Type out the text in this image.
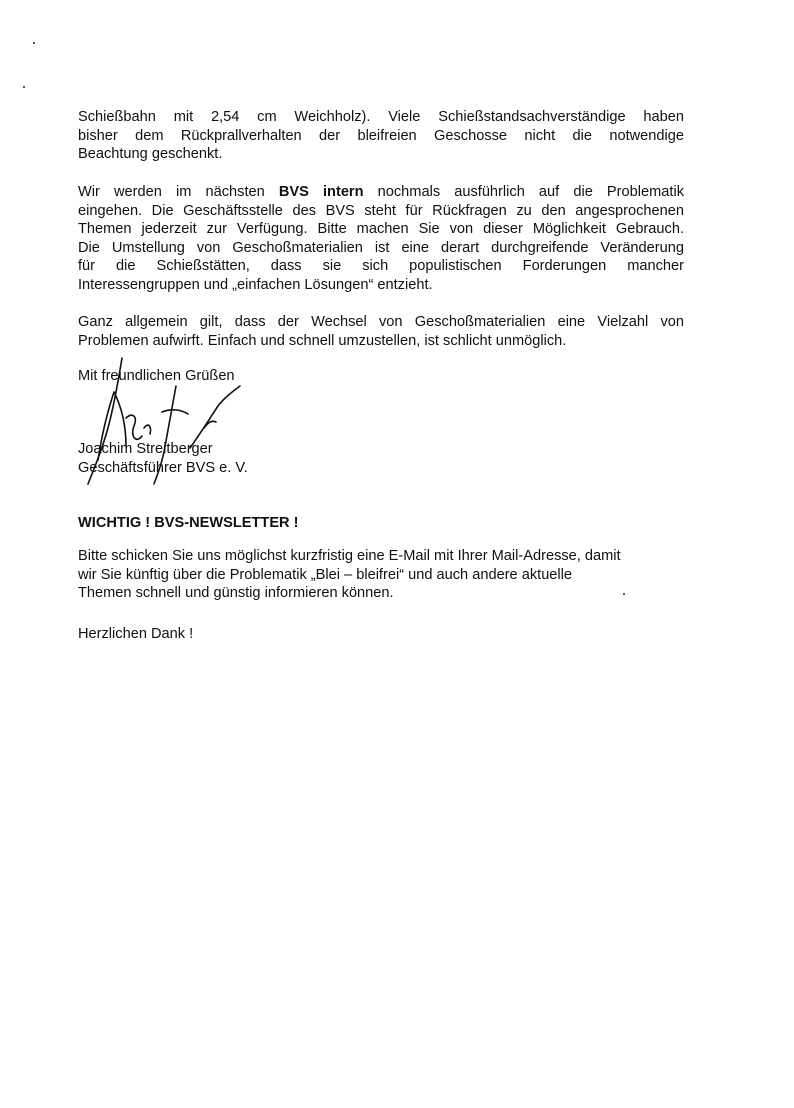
Schießbahn mit 2,54 cm Weichholz). Viele Schießstandsachverständige haben

bisher dem Rückprallverhalten der bleifreien Geschosse nicht die notwendige

Beachtung geschenkt.

Wir werden im nächsten BVS intern nochmals ausführlich auf die Problematik

eingehen. Die Geschäftsstelle des BVS steht für Rückfragen zu den angesprochenen

Themen jederzeit zur Verfügung. Bitte machen Sie von dieser Möglichkeit Gebrauch.

Die Umstellung von Geschoßmaterialien ist eine derart durchgreifende Veränderung

für die Schießstätten, dass sie sich populistischen Forderungen mancher

Interessengruppen und „einfachen Lösungen“ entzieht.

Ganz allgemein gilt, dass der Wechsel von Geschoßmaterialien eine Vielzahl von

Problemen aufwirft. Einfach und schnell umzustellen, ist schlicht unmöglich.

Mit freundlichen Grüßen

Joachim Streitberger

Geschäftsführer BVS e. V.

WICHTIG ! BVS-NEWSLETTER !

Bitte schicken Sie uns möglichst kurzfristig eine E-Mail mit Ihrer Mail-Adresse, damit

wir Sie künftig über die Problematik „Blei – bleifrei“ und auch andere aktuelle

Themen schnell und günstig informieren können.

Herzlichen Dank !
